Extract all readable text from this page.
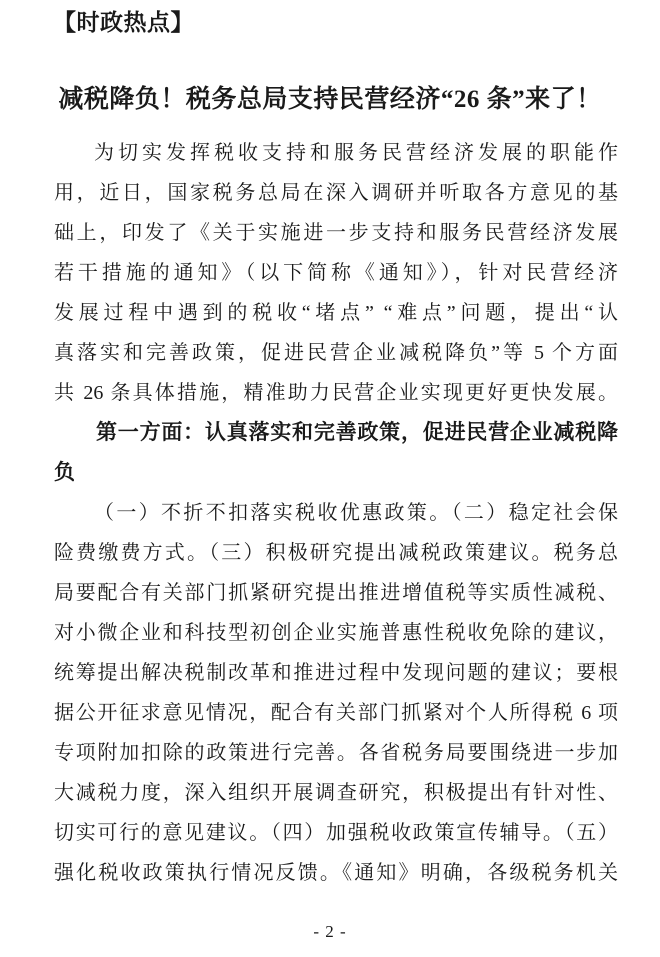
【时政热点】
减税降负！税务总局支持民营经济“26 条”来了！
为切实发挥税收支持和服务民营经济发展的职能作
用，近日，国家税务总局在深入调研并听取各方意见的基
础上，印发了《关于实施进一步支持和服务民营经济发展
若干措施的通知》（以下简称《通知》），针对民营经济
发展过程中遇到的税收“堵点” “难点”问题，提出“认
真落实和完善政策，促进民营企业减税降负”等 5 个方面
共 26 条具体措施，精准助力民营企业实现更好更快发展。
第一方面：认真落实和完善政策，促进民营企业减税降
负
（一）不折不扣落实税收优惠政策。（二）稳定社会保
险费缴费方式。（三）积极研究提出减税政策建议。税务总
局要配合有关部门抓紧研究提出推进增值税等实质性减税、
对小微企业和科技型初创企业实施普惠性税收免除的建议，
统筹提出解决税制改革和推进过程中发现问题的建议；要根
据公开征求意见情况，配合有关部门抓紧对个人所得税 6 项
专项附加扣除的政策进行完善。各省税务局要围绕进一步加
大减税力度，深入组织开展调查研究，积极提出有针对性、
切实可行的意见建议。（四）加强税收政策宣传辅导。（五）
强化税收政策执行情况反馈。《通知》明确，各级税务机关
- 2 -
